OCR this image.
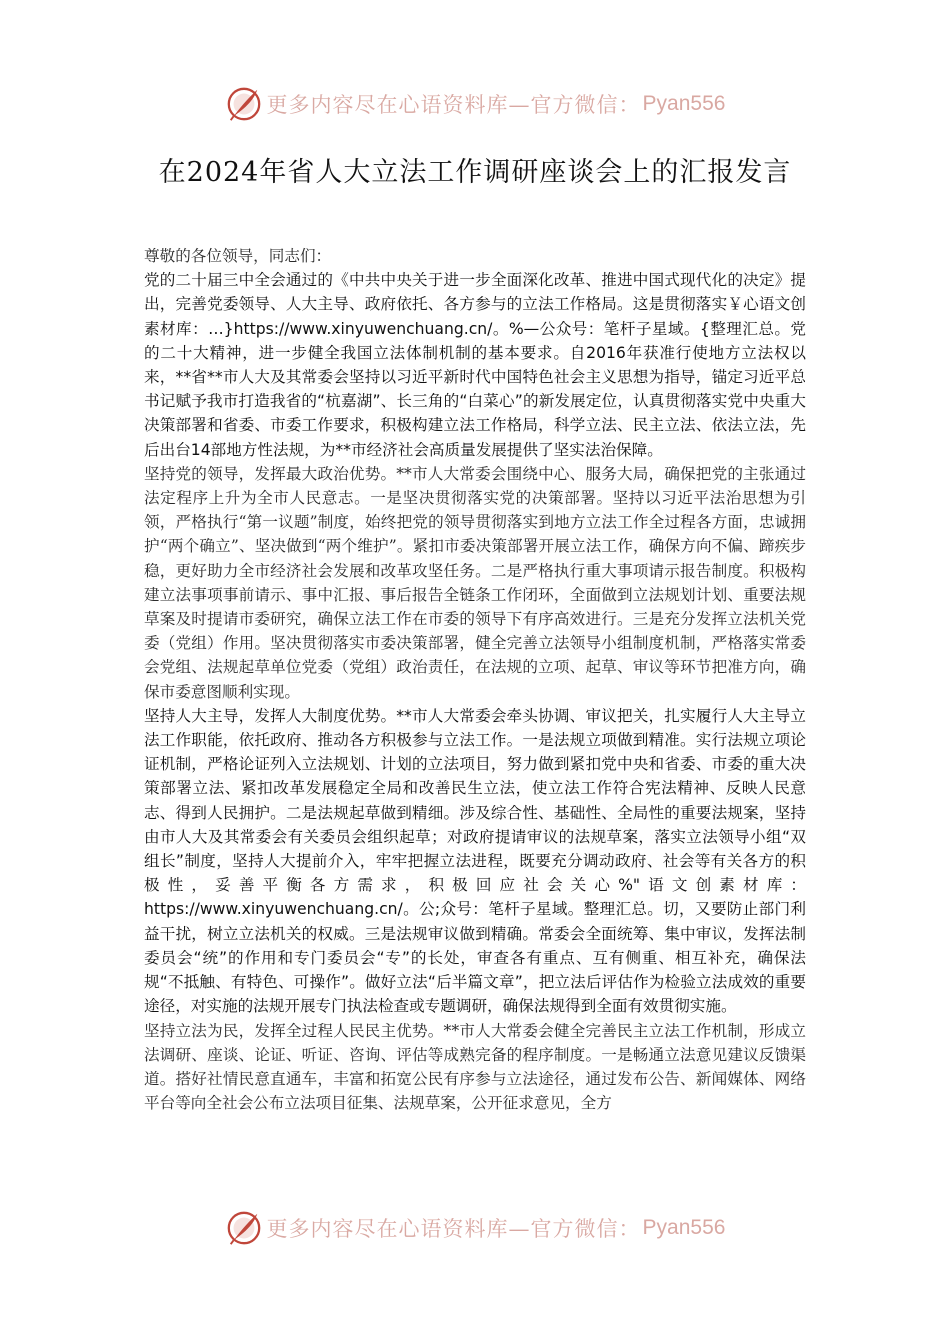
更多内容尽在心语资料库—官方微信： Pyan556
在2024年省人大立法工作调研座谈会上的汇报发言

尊敬的各位领导，同志们：

党的二十届三中全会通过的《中共中央关于进一步全面深化改革、推进中国式现代化的决定》提出，完善党委领导、人大主导、政府依托、各方参与的立法工作格局。这是贯彻落实￥心语文创素材库：…}https://www.xinyuwenchuang.cn/。%—公众号：笔杆子星域。{整理汇总。党的二十大精神，进一步健全我国立法体制机制的基本要求。自2016年获准行使地方立法权以来，**省**市人大及其常委会坚持以习近平新时代中国特色社会主义思想为指导，锚定习近平总书记赋予我市打造我省的“杭嘉湖”、长三角的“白菜心”的新发展定位，认真贯彻落实党中央重大决策部署和省委、市委工作要求，积极构建立法工作格局，科学立法、民主立法、依法立法，先后出台14部地方性法规，为**市经济社会高质量发展提供了坚实法治保障。

坚持党的领导，发挥最大政治优势。**市人大常委会围绕中心、服务大局，确保把党的主张通过法定程序上升为全市人民意志。一是坚决贯彻落实党的决策部署。坚持以习近平法治思想为引领，严格执行“第一议题”制度，始终把党的领导贯彻落实到地方立法工作全过程各方面，忠诚拥护“两个确立”、坚决做到“两个维护”。紧扣市委决策部署开展立法工作，确保方向不偏、蹄疾步稳，更好助力全市经济社会发展和改革攻坚任务。二是严格执行重大事项请示报告制度。积极构建立法事项事前请示、事中汇报、事后报告全链条工作闭环，全面做到立法规划计划、重要法规草案及时提请市委研究，确保立法工作在市委的领导下有序高效进行。三是充分发挥立法机关党委（党组）作用。坚决贯彻落实市委决策部署，健全完善立法领导小组制度机制，严格落实常委会党组、法规起草单位党委（党组）政治责任，在法规的立项、起草、审议等环节把准方向，确保市委意图顺利实现。

坚持人大主导，发挥人大制度优势。**市人大常委会牵头协调、审议把关，扎实履行人大主导立法工作职能，依托政府、推动各方积极参与立法工作。一是法规立项做到精准。实行法规立项论证机制，严格论证列入立法规划、计划的立法项目，努力做到紧扣党中央和省委、市委的重大决策部署立法、紧扣改革发展稳定全局和改善民生立法，使立法工作符合宪法精神、反映人民意志、得到人民拥护。二是法规起草做到精细。涉及综合性、基础性、全局性的重要法规案，坚持由市人大及其常委会有关委员会组织起草；对政府提请审议的法规草案，落实立法领导小组“双组长”制度，坚持人大提前介入，牢牢把握立法进程，既要充分调动政府、社会等有关各方的积极性，妥善平衡各方需求，积极回应社会关心%"语文创素材库：https://www.xinyuwenchuang.cn/。公;众号：笔杆子星域。整理汇总。切，又要防止部门利益干扰，树立立法机关的权威。三是法规审议做到精确。常委会全面统筹、集中审议，发挥法制委员会“统”的作用和专门委员会“专”的长处，审查各有重点、互有侧重、相互补充，确保法规“不抵触、有特色、可操作”。做好立法“后半篇文章”，把立法后评估作为检验立法成效的重要途径，对实施的法规开展专门执法检查或专题调研，确保法规得到全面有效贯彻实施。

坚持立法为民，发挥全过程人民民主优势。**市人大常委会健全完善民主立法工作机制，形成立法调研、座谈、论证、听证、咨询、评估等成熟完备的程序制度。一是畅通立法意见建议反馈渠道。搭好社情民意直通车，丰富和拓宽公民有序参与立法途径，通过发布公告、新闻媒体、网络平台等向全社会公布立法项目征集、法规草案，公开征求意见，全方

更多内容尽在心语资料库—官方微信： Pyan556
